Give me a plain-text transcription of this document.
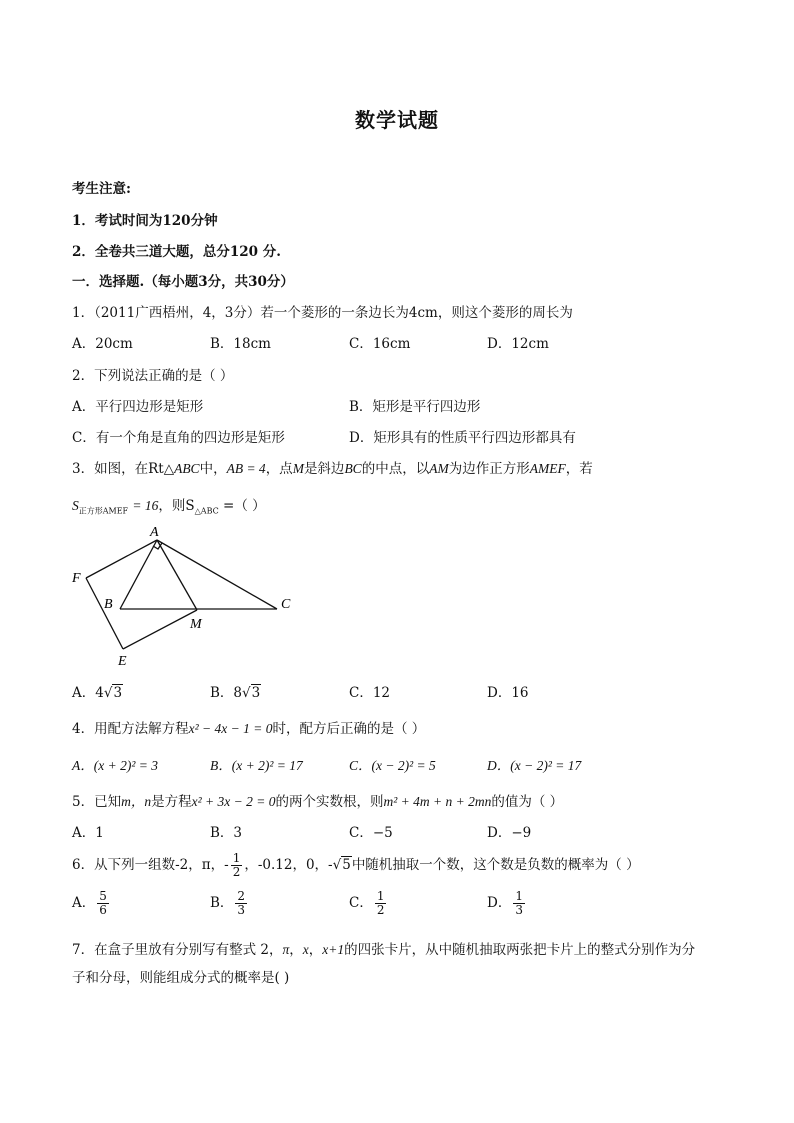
数学试题
考生注意:
1．考试时间为120分钟
2．全卷共三道大题，总分120 分.
一．选择题.（每小题3分，共30分）
1．（2011广西梧州，4，3分）若一个菱形的一条边长为4cm，则这个菱形的周长为
A．20cm	B．18cm	C．16cm	D．12cm
2．下列说法正确的是（ ）
A．平行四边形是矩形	B．矩形是平行四边形
C．有一个角是直角的四边形是矩形	D．矩形具有的性质平行四边形都具有
3．如图，在Rt△ABC中，AB = 4，点M是斜边BC的中点，以AM为边作正方形AMEF，若
$S_{正方形AMEF} = 16$，则$S_{\triangle ABC}$ =（ ）
A
F
B	C
M
E
A．4√3	B．8√3	C．12	D．16
4．用配方法解方程x² − 4x − 1 = 0时，配方后正确的是（ ）
A．(x + 2)² = 3	B．(x + 2)² = 17	C．(x − 2)² = 5	D．(x − 2)² = 17
5．已知m，n是方程x² + 3x − 2 = 0的两个实数根，则m² + 4m + n + 2mn的值为（ ）
A．1	B．3	C．−5	D．−9
6．从下列一组数-2，π，- $\frac{1}{2}$ ，-0.12，0，-√5中随机抽取一个数，这个数是负数的概率为（ ）
A． $\frac{5}{6}$	B． $\frac{2}{3}$	C． $\frac{1}{2}$	D． $\frac{1}{3}$
7．在盒子里放有分别写有整式 2，π，x，x+1的四张卡片，从中随机抽取两张把卡片上的整式分别作为分
子和分母，则能组成分式的概率是( )
